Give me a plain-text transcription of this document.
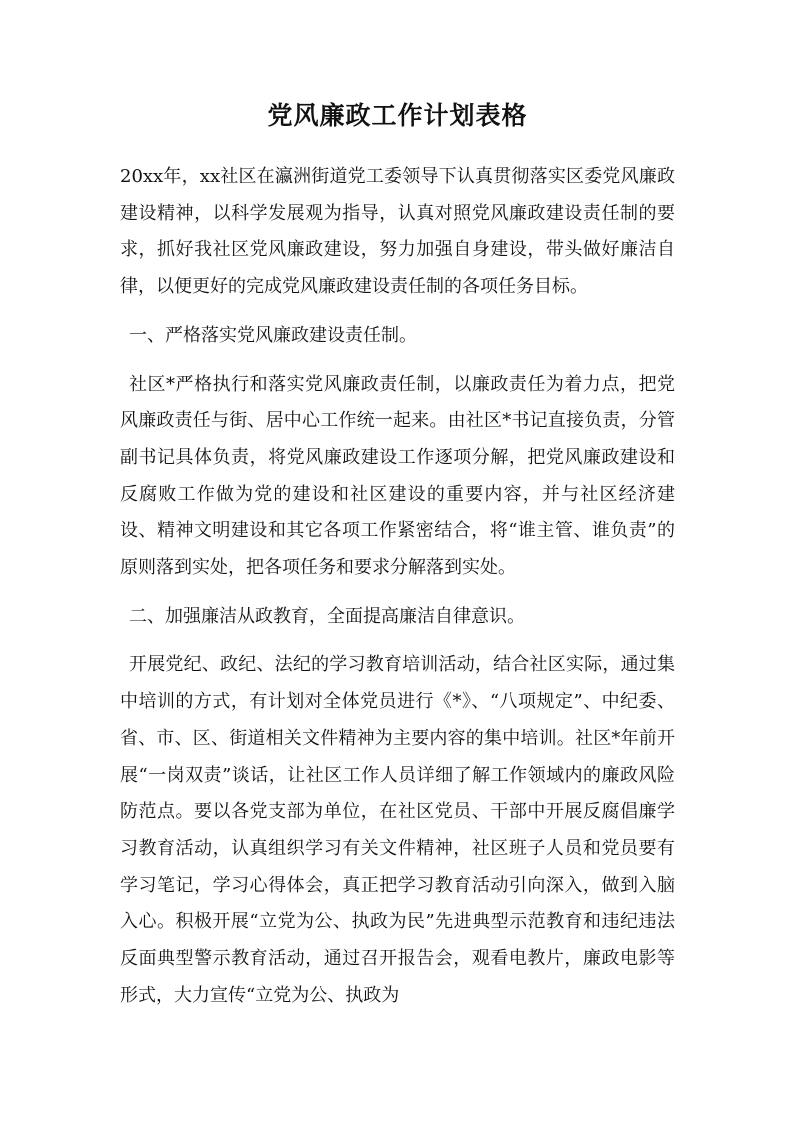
党风廉政工作计划表格

20xx年，xx社区在瀛洲街道党工委领导下认真贯彻落实区委党风廉政建设精神，以科学发展观为指导，认真对照党风廉政建设责任制的要求，抓好我社区党风廉政建设，努力加强自身建设，带头做好廉洁自律，以便更好的完成党风廉政建设责任制的各项任务目标。

一、严格落实党风廉政建设责任制。

社区*严格执行和落实党风廉政责任制，以廉政责任为着力点，把党风廉政责任与街、居中心工作统一起来。由社区*书记直接负责，分管副书记具体负责，将党风廉政建设工作逐项分解，把党风廉政建设和反腐败工作做为党的建设和社区建设的重要内容，并与社区经济建设、精神文明建设和其它各项工作紧密结合，将“谁主管、谁负责”的原则落到实处，把各项任务和要求分解落到实处。

二、加强廉洁从政教育，全面提高廉洁自律意识。

开展党纪、政纪、法纪的学习教育培训活动，结合社区实际，通过集中培训的方式，有计划对全体党员进行《*》、“八项规定”、中纪委、省、市、区、街道相关文件精神为主要内容的集中培训。社区*年前开展“一岗双责”谈话，让社区工作人员详细了解工作领域内的廉政风险防范点。要以各党支部为单位，在社区党员、干部中开展反腐倡廉学习教育活动，认真组织学习有关文件精神，社区班子人员和党员要有学习笔记，学习心得体会，真正把学习教育活动引向深入，做到入脑入心。积极开展“立党为公、执政为民”先进典型示范教育和违纪违法反面典型警示教育活动，通过召开报告会，观看电教片，廉政电影等形式，大力宣传“立党为公、执政为
